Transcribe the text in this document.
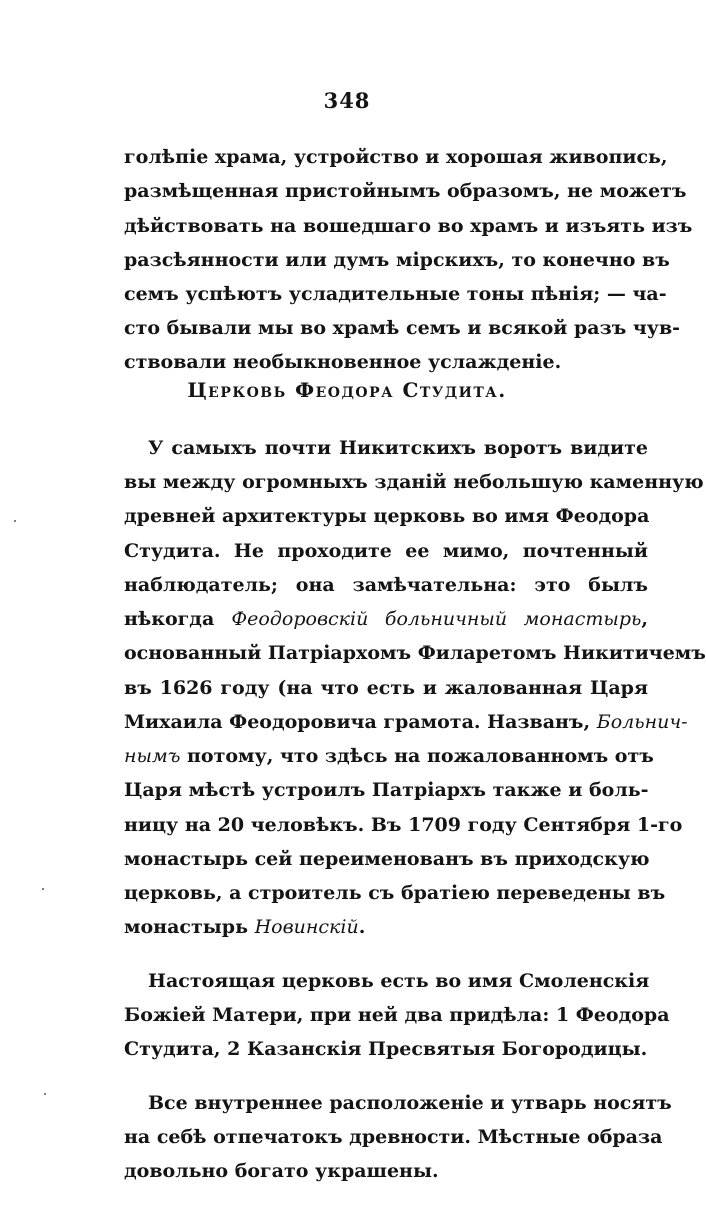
348
голѣпіе храма, устройство и хорошая живопись,
размѣщенная пристойнымъ образомъ, не можетъ
дѣйствовать на вошедшаго во храмъ и изъять изъ
разсѣянности или думъ мірскихъ, то конечно въ
семъ успѣютъ усладительные тоны пѣнія; — ча-
сто бывали мы во храмѣ семъ и всякой разъ чув-
ствовали необыкновенное услажденіе.
Церковь Феодора Студита.
У самыхъ почти Никитскихъ воротъ видите
вы между огромныхъ зданій небольшую каменную
древней архитектуры церковь во имя Феодора
Студита. Не проходите ее мимо, почтенный
наблюдатель; она замѣчательна: это былъ
нѣкогда Феодоровскій больничный монастырь,
основанный Патріархомъ Филаретомъ Никитичемъ
въ 1626 году (на что есть и жалованная Царя
Михаила Феодоровича грамота. Названъ, Больнич-
нымъ потому, что здѣсь на пожалованномъ отъ
Царя мѣстѣ устроилъ Патріархъ также и боль-
ницу на 20 человѣкъ. Въ 1709 году Сентября 1-го
монастырь сей переименованъ въ приходскую
церковь, а строитель съ братіею переведены въ
монастырь Новинскій.
Настоящая церковь есть во имя Смоленскія
Божіей Матери, при ней два придѣла: 1 Феодора
Студита, 2 Казанскія Пресвятыя Богородицы.
Все внутреннее расположеніе и утварь носятъ
на себѣ отпечатокъ древности. Мѣстные образа
довольно богато украшены.
